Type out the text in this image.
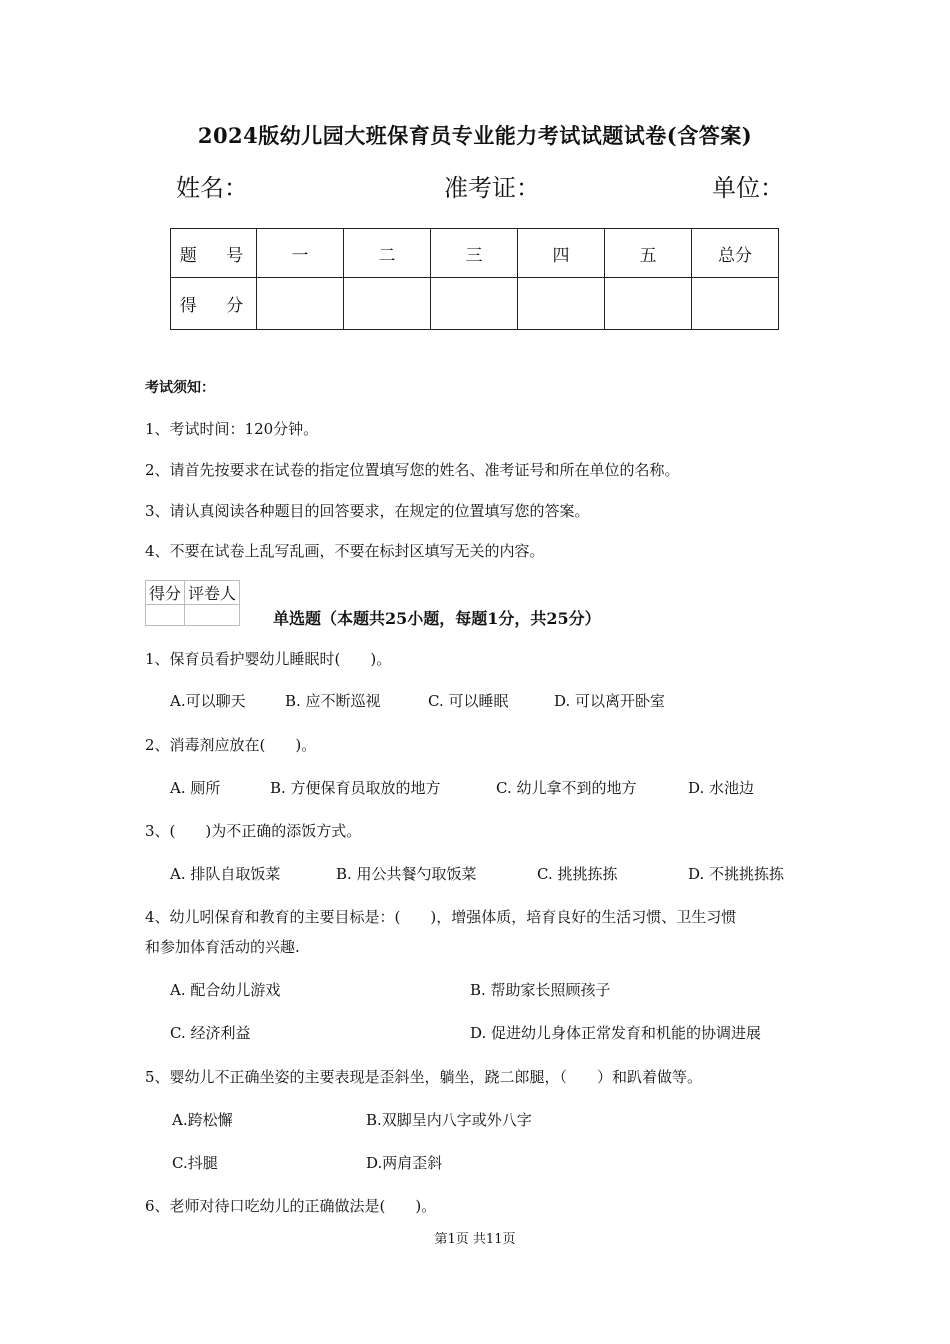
2024版幼儿园大班保育员专业能力考试试题试卷(含答案)
姓名：	准考证：	单位：
题 号	一	二	三	四	五	总分
得 分						
考试须知：
1、考试时间：120分钟。
2、请首先按要求在试卷的指定位置填写您的姓名、准考证号和所在单位的名称。
3、请认真阅读各种题目的回答要求，在规定的位置填写您的答案。
4、不要在试卷上乱写乱画，不要在标封区填写无关的内容。
得分	评卷人

单选题（本题共25小题，每题1分，共25分）
1、保育员看护婴幼儿睡眠时(　　)。
A.可以聊天	B. 应不断巡视	C. 可以睡眠	D. 可以离开卧室
2、消毒剂应放在(　　)。
A. 厕所	B. 方便保育员取放的地方	C. 幼儿拿不到的地方	D. 水池边
3、(　　)为不正确的添饭方式。
A. 排队自取饭菜	B. 用公共餐勺取饭菜	C. 挑挑拣拣	D. 不挑挑拣拣
4、幼儿吲保育和教育的主要目标是：(　　)，增强体质，培育良好的生活习惯、卫生习惯
和参加体育活动的兴趣.
A. 配合幼儿游戏	B. 帮助家长照顾孩子
C. 经济利益	D. 促进幼儿身体正常发育和机能的协调进展
5、婴幼儿不正确坐姿的主要表现是歪斜坐，躺坐，跷二郎腿，（　　）和趴着做等。
A.跨松懈	B.双脚呈内八字或外八字
C.抖腿	D.两肩歪斜
6、老师对待口吃幼儿的正确做法是(　　)。
第1页 共11页
